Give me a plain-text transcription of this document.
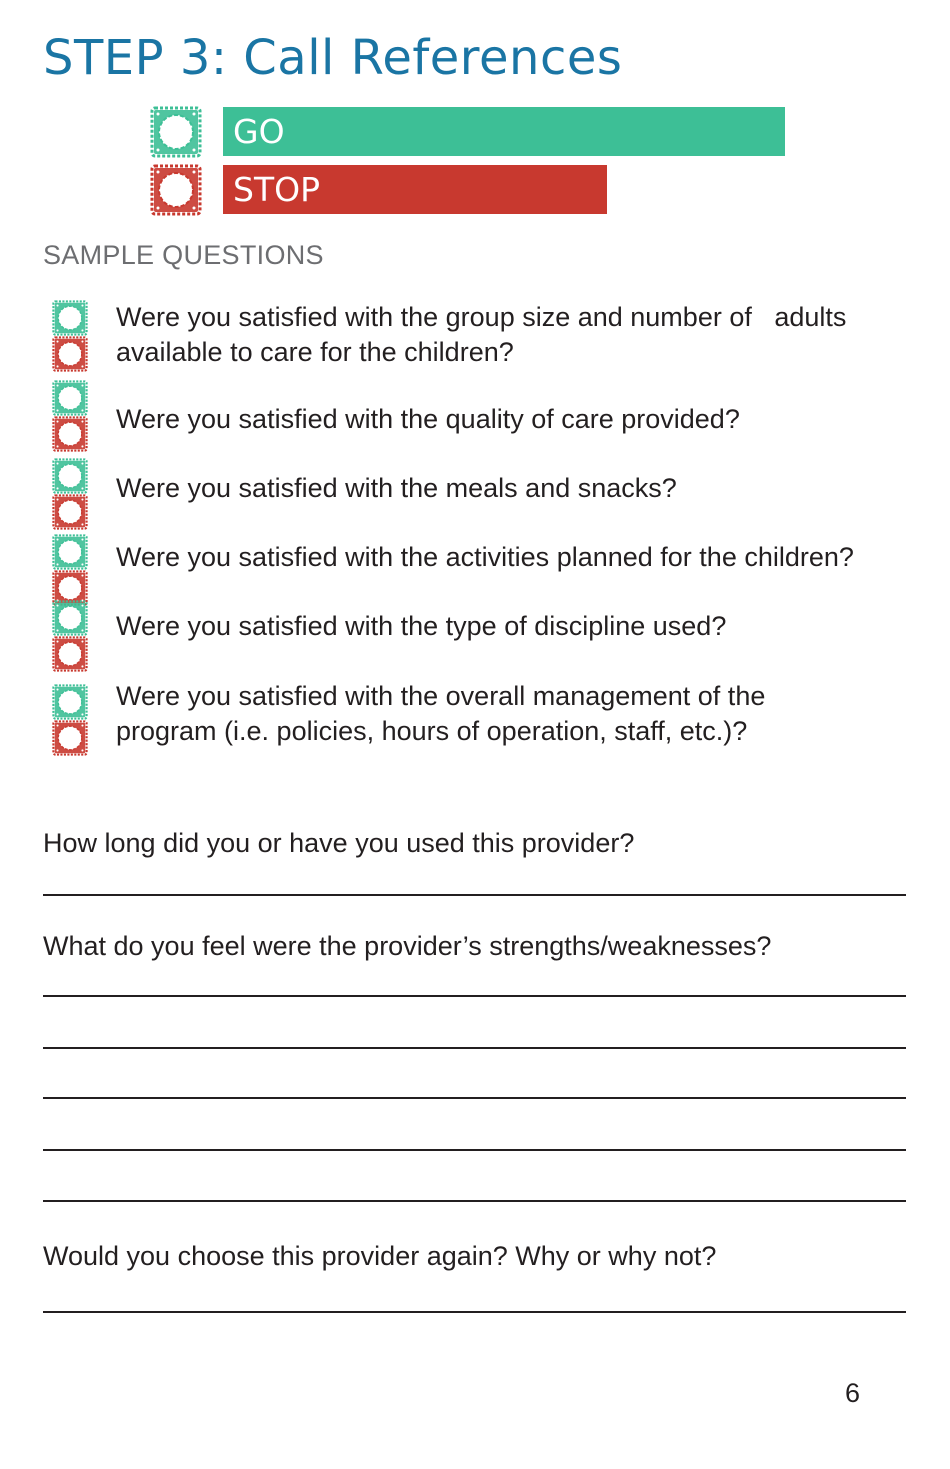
STEP 3: Call References
GO
STOP
SAMPLE QUESTIONS
Were you satisfied with the group size and number of   adults
available to care for the children?
Were you satisfied with the quality of care provided?
Were you satisfied with the meals and snacks?
Were you satisfied with the activities planned for the children?
Were you satisfied with the type of discipline used?
Were you satisfied with the overall management of the
program (i.e. policies, hours of operation, staff, etc.)?
How long did you or have you used this provider?
What do you feel were the provider’s strengths/weaknesses?
Would you choose this provider again? Why or why not?
6
